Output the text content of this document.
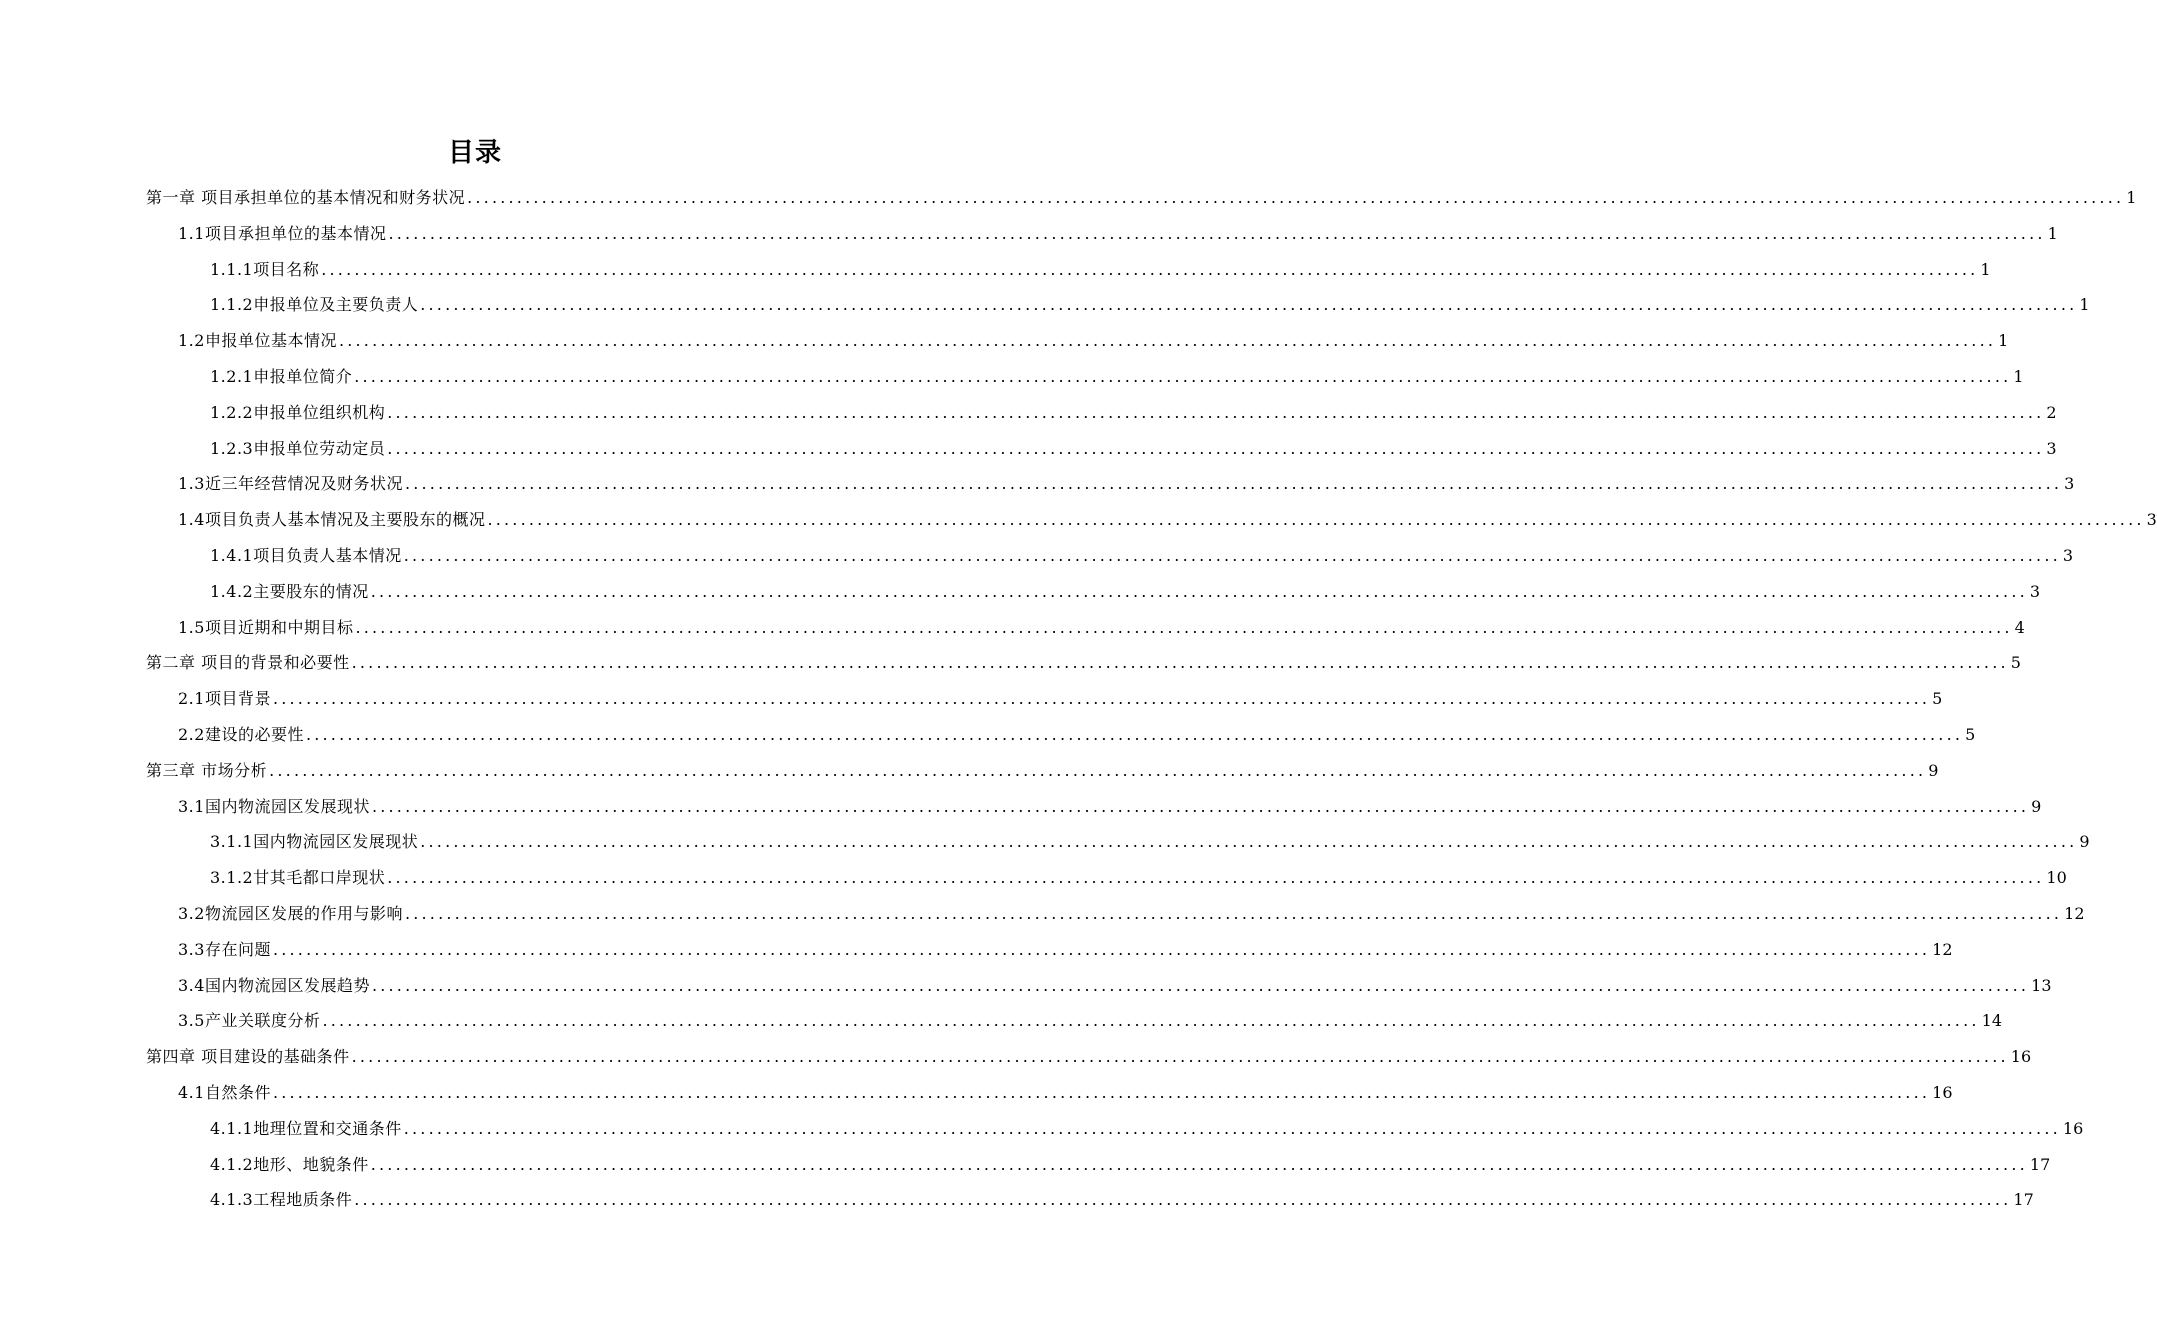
目录
第一章 项目承担单位的基本情况和财务状况 ........................................................................................................................................................................................................ 1
1.1项目承担单位的基本情况 ........................................................................................................................................................................................................ 1
1.1.1项目名称 ........................................................................................................................................................................................................ 1
1.1.2申报单位及主要负责人 ........................................................................................................................................................................................................ 1
1.2申报单位基本情况 ........................................................................................................................................................................................................ 1
1.2.1申报单位简介 ........................................................................................................................................................................................................ 1
1.2.2申报单位组织机构 ........................................................................................................................................................................................................ 2
1.2.3申报单位劳动定员 ........................................................................................................................................................................................................ 3
1.3近三年经营情况及财务状况 ........................................................................................................................................................................................................ 3
1.4项目负责人基本情况及主要股东的概况 ........................................................................................................................................................................................................ 3
1.4.1项目负责人基本情况 ........................................................................................................................................................................................................ 3
1.4.2主要股东的情况 ........................................................................................................................................................................................................ 3
1.5项目近期和中期目标 ........................................................................................................................................................................................................ 4
第二章 项目的背景和必要性 ........................................................................................................................................................................................................ 5
2.1项目背景 ........................................................................................................................................................................................................ 5
2.2建设的必要性 ........................................................................................................................................................................................................ 5
第三章 市场分析 ........................................................................................................................................................................................................ 9
3.1国内物流园区发展现状 ........................................................................................................................................................................................................ 9
3.1.1国内物流园区发展现状 ........................................................................................................................................................................................................ 9
3.1.2甘其毛都口岸现状 ........................................................................................................................................................................................................ 10
3.2物流园区发展的作用与影响 ........................................................................................................................................................................................................ 12
3.3存在问题 ........................................................................................................................................................................................................ 12
3.4国内物流园区发展趋势 ........................................................................................................................................................................................................ 13
3.5产业关联度分析 ........................................................................................................................................................................................................ 14
第四章 项目建设的基础条件 ........................................................................................................................................................................................................ 16
4.1自然条件 ........................................................................................................................................................................................................ 16
4.1.1地理位置和交通条件 ........................................................................................................................................................................................................ 16
4.1.2地形、地貌条件 ........................................................................................................................................................................................................ 17
4.1.3工程地质条件 ........................................................................................................................................................................................................ 17
